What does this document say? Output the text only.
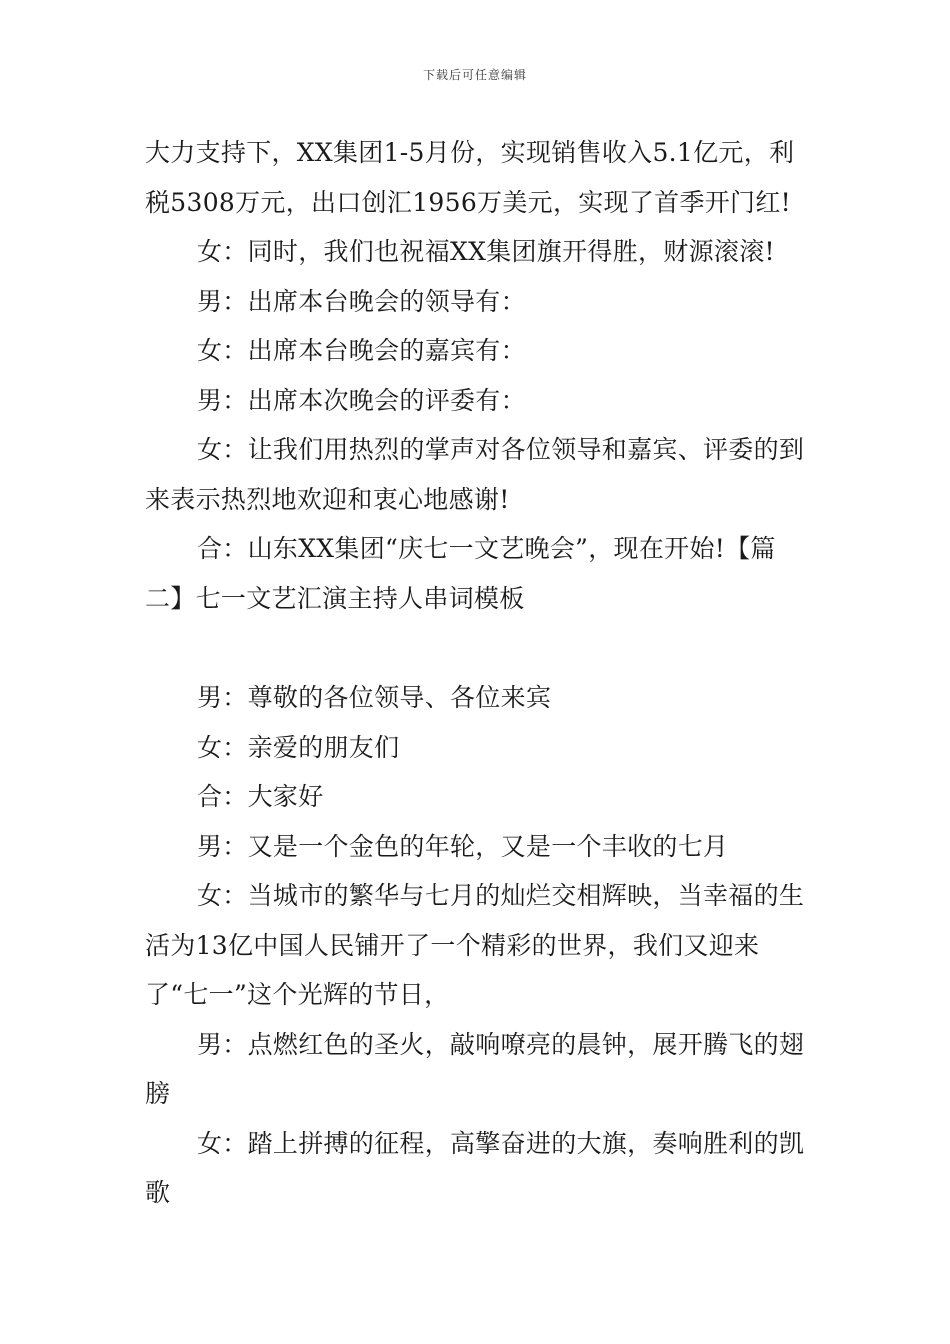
下载后可任意编辑

大力支持下，XX集团1-5月份，实现销售收入5.1亿元，利税5308万元，出口创汇1956万美元，实现了首季开门红!

女：同时，我们也祝福XX集团旗开得胜，财源滚滚!

男：出席本台晚会的领导有：

女：出席本台晚会的嘉宾有：

男：出席本次晚会的评委有：

女：让我们用热烈的掌声对各位领导和嘉宾、评委的到来表示热烈地欢迎和衷心地感谢!

合：山东XX集团“庆七一文艺晚会”，现在开始!【篇二】七一文艺汇演主持人串词模板

男：尊敬的各位领导、各位来宾

女：亲爱的朋友们

合：大家好

男：又是一个金色的年轮，又是一个丰收的七月

女：当城市的繁华与七月的灿烂交相辉映，当幸福的生活为13亿中国人民铺开了一个精彩的世界，我们又迎来了“七一”这个光辉的节日，

男：点燃红色的圣火，敲响嘹亮的晨钟，展开腾飞的翅膀

女：踏上拼搏的征程，高擎奋进的大旗，奏响胜利的凯歌
